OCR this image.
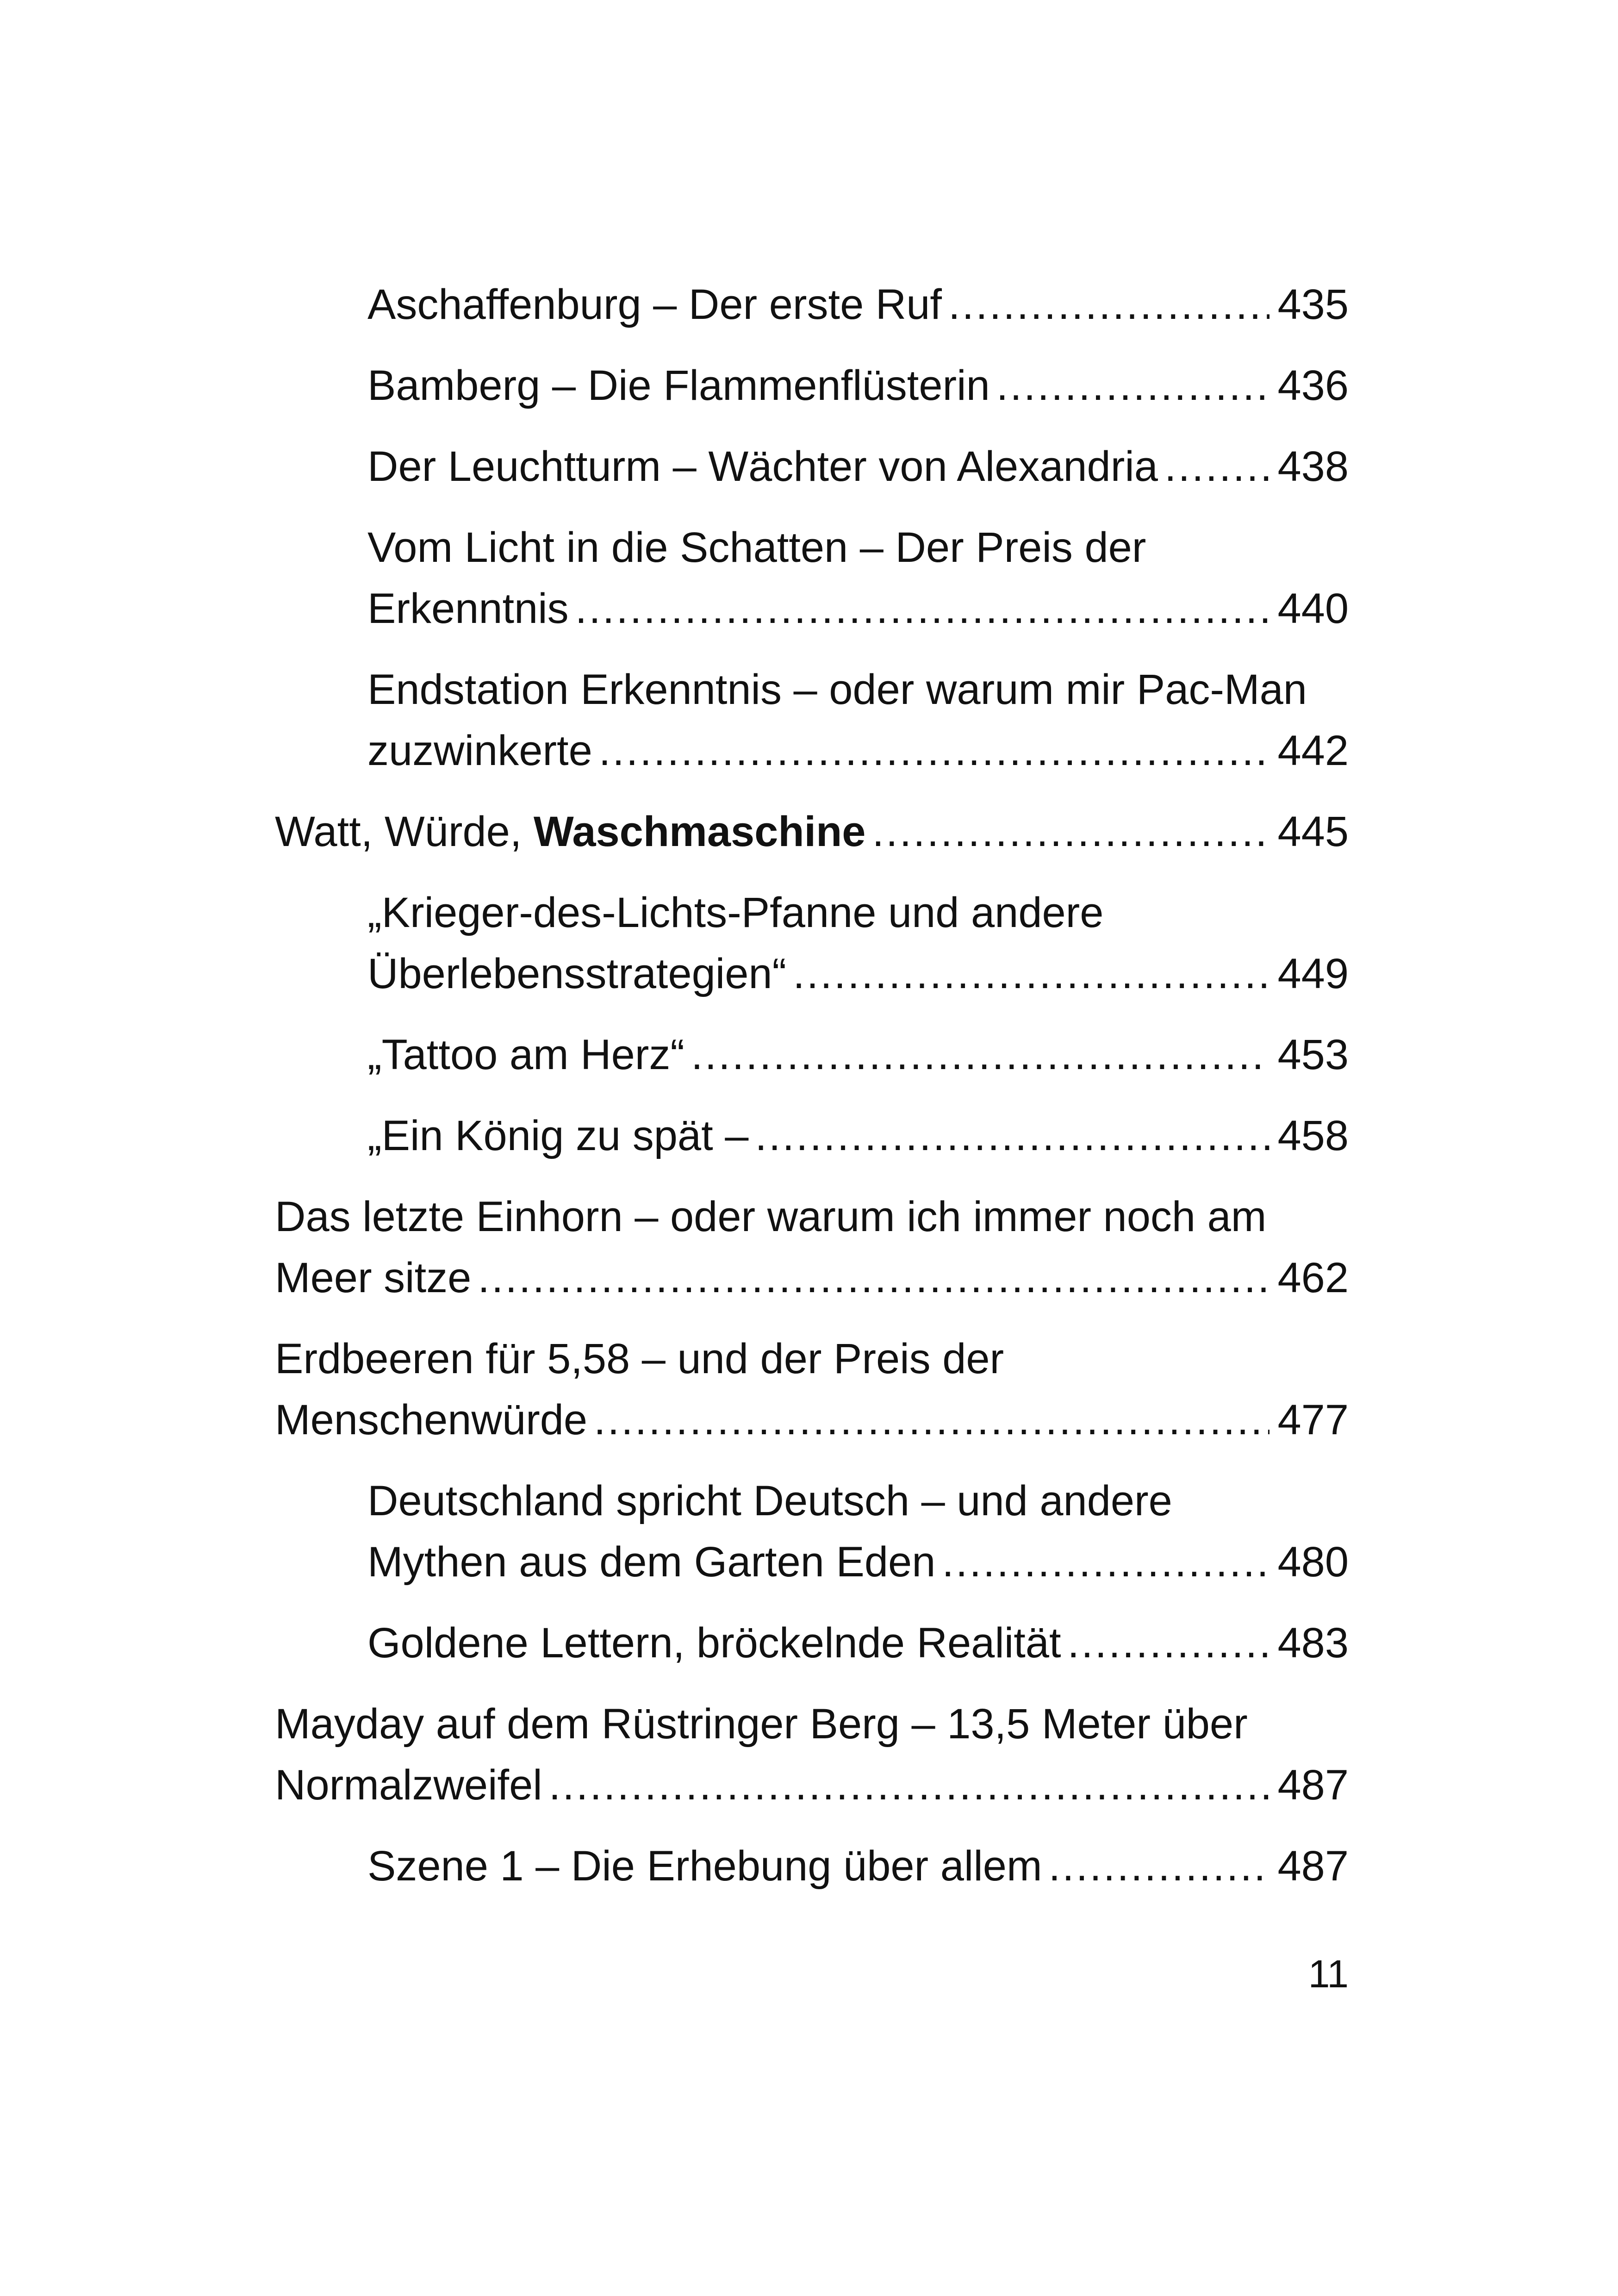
Aschaffenburg – Der erste Ruf .....	435
Bamberg – Die Flammenflüsterin .....	436
Der Leuchtturm – Wächter von Alexandria .....	438
Vom Licht in die Schatten – Der Preis der
Erkenntnis .....	440
Endstation Erkenntnis – oder warum mir Pac-Man
zuzwinkerte .....	442
Watt, Würde, Waschmaschine .....	445
„Krieger-des-Lichts-Pfanne und andere
Überlebensstrategien“ .....	449
„Tattoo am Herz“ .....	453
„Ein König zu spät – .....	458
Das letzte Einhorn – oder warum ich immer noch am
Meer sitze .....	462
Erdbeeren für 5,58 – und der Preis der
Menschenwürde .....	477
Deutschland spricht Deutsch – und andere
Mythen aus dem Garten Eden .....	480
Goldene Lettern, bröckelnde Realität .....	483
Mayday auf dem Rüstringer Berg – 13,5 Meter über
Normalzweifel .....	487
Szene 1 – Die Erhebung über allem .....	487
11
